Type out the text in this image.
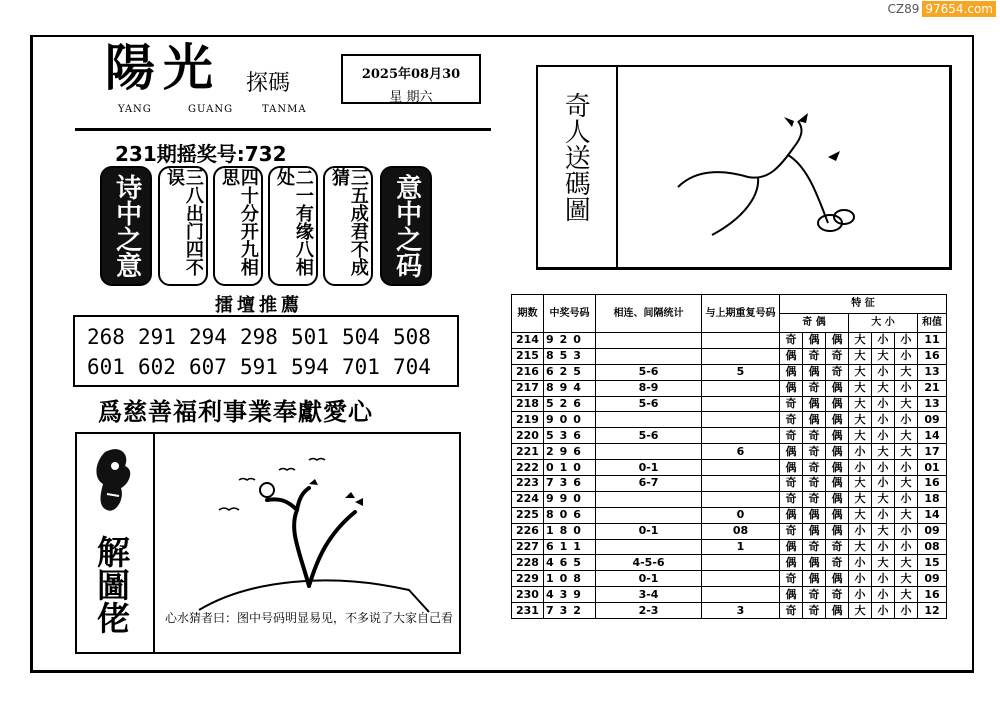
CZ89 97654.com
陽光 探碼
YANG	GUANG	TANMA
2025年08月30
星 期六
231期摇奖号:732
诗中之意	三八出门四不误	四十分开九相思	二一有缘八相处	三五成君不成猜	意中之码
擂壇推薦
268 291 294 298 501 504 508
601 602 607 591 594 701 704
爲慈善福利事業奉獻愛心
解圖佬	心水猜者曰：图中号码明显易见，不多说了大家自己看
奇人送碼圖
期数	中奖号码	相连、间隔统计	与上期重复号码	特 征						
				奇 偶			大 小			和值
214	920			奇	偶	偶	大	小	小	11
215	853			偶	奇	奇	大	大	小	16
216	625	5-6	5	偶	偶	奇	大	小	大	13
217	894	8-9		偶	奇	偶	大	大	小	21
218	526	5-6		奇	偶	偶	大	小	大	13
219	900			奇	偶	偶	大	小	小	09
220	536	5-6		奇	奇	偶	大	小	大	14
221	296		6	偶	奇	偶	小	大	大	17
222	010	0-1		偶	奇	偶	小	小	小	01
223	736	6-7		奇	奇	偶	大	小	大	16
224	990			奇	奇	偶	大	大	小	18
225	806		0	偶	偶	偶	大	小	大	14
226	180	0-1	08	奇	偶	偶	小	大	小	09
227	611		1	偶	奇	奇	大	小	小	08
228	465	4-5-6		偶	偶	奇	小	大	大	15
229	108	0-1		奇	偶	偶	小	小	大	09
230	439	3-4		偶	奇	奇	小	小	大	16
231	732	2-3	3	奇	奇	偶	大	小	小	12
